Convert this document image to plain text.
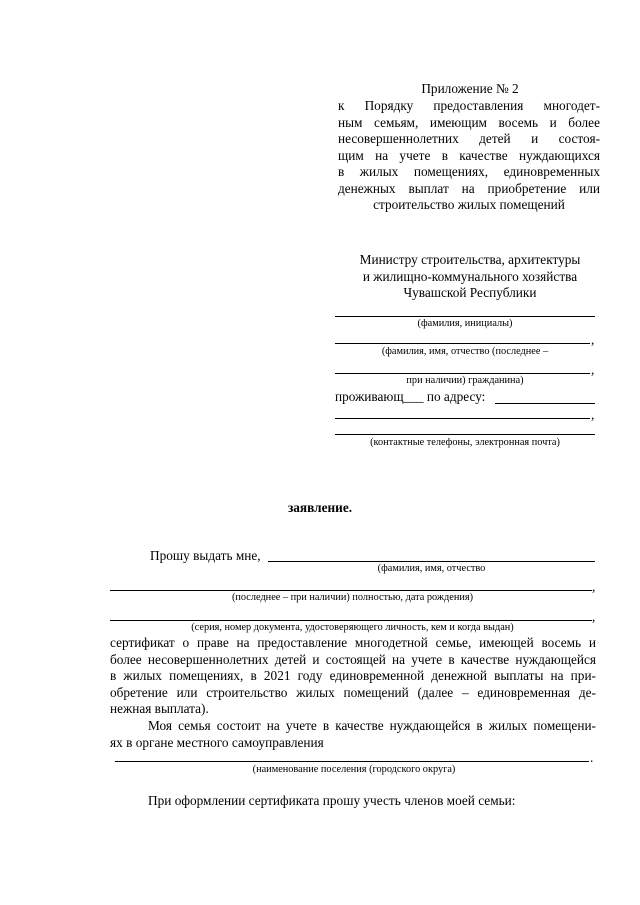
Приложение № 2
к Порядку предоставления многодет-
ным семьям, имеющим восемь и более
несовершеннолетних детей и состоя-
щим на учете в качестве нуждающихся
в жилых помещениях, единовременных
денежных выплат на приобретение или
строительство жилых помещений
Министру строительства, архитектуры
и жилищно-коммунального хозяйства
Чувашской Республики
(фамилия, инициалы)
,
(фамилия, имя, отчество (последнее –
,
при наличии) гражданина)
проживающ___ по адресу:
,
(контактные телефоны, электронная почта)
заявление.
Прошу выдать мне,
(фамилия, имя, отчество
,
(последнее – при наличии) полностью, дата рождения)
,
(серия, номер документа, удостоверяющего личность, кем и когда выдан)
сертификат о праве на предоставление многодетной семье, имеющей восемь и
более несовершеннолетних детей и состоящей на учете в качестве нуждающейся
в жилых помещениях, в 2021 году единовременной денежной выплаты на при-
обретение или строительство жилых помещений (далее – единовременная де-
нежная выплата).
Моя семья состоит на учете в качестве нуждающейся в жилых помещени-
ях в органе местного самоуправления
.
(наименование поселения (городского округа)
При оформлении сертификата прошу учесть членов моей семьи:
